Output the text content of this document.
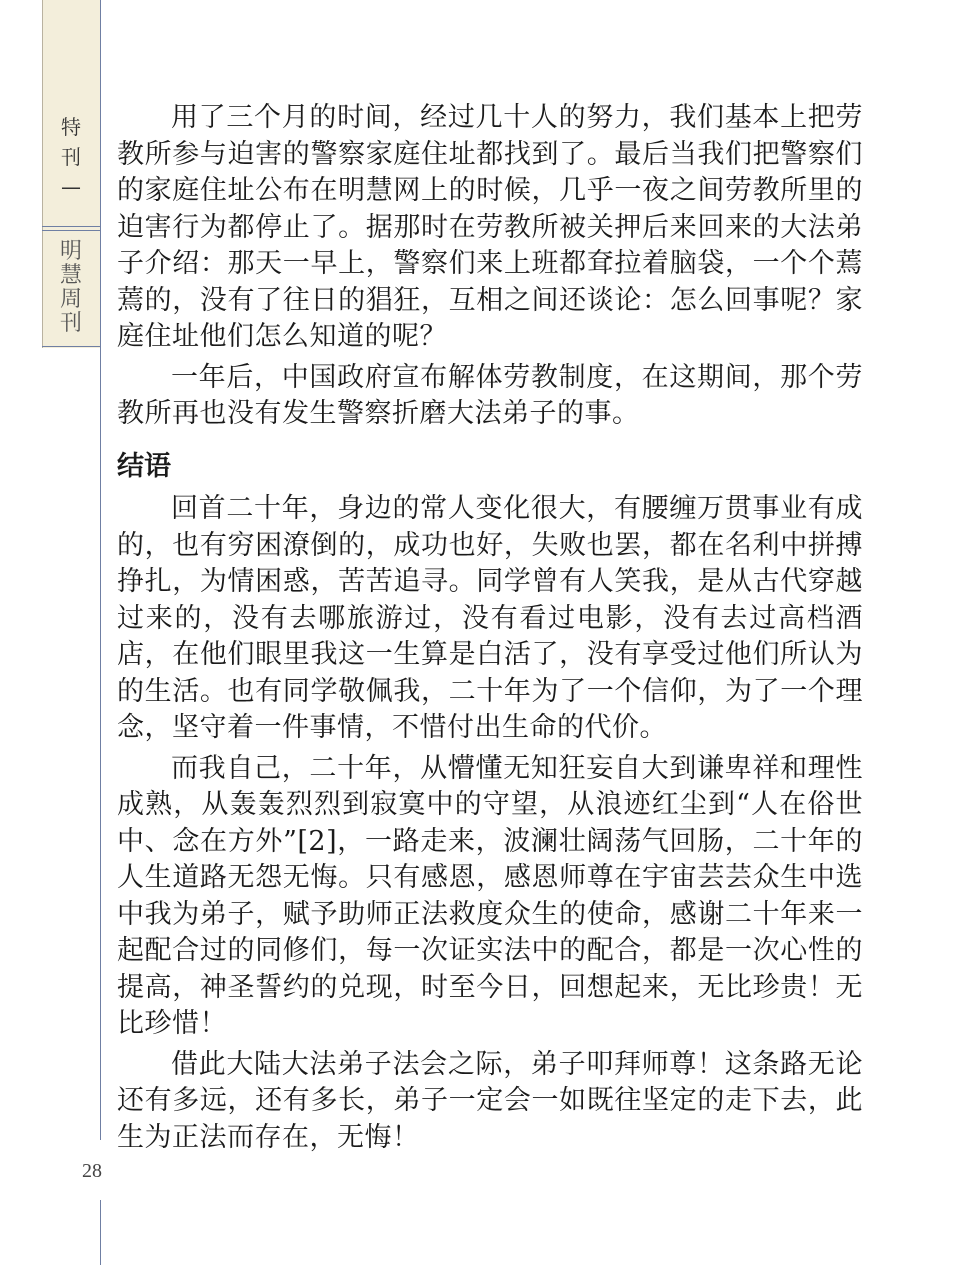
特
刊
—
明
慧
周
刊
28

用了三个月的时间，经过几十人的努力，我们基本上把劳教所参与迫害的警察家庭住址都找到了。最后当我们把警察们的家庭住址公布在明慧网上的时候，几乎一夜之间劳教所里的迫害行为都停止了。据那时在劳教所被关押后来回来的大法弟子介绍：那天一早上，警察们来上班都耷拉着脑袋，一个个蔫蔫的，没有了往日的猖狂，互相之间还谈论：怎么回事呢？家庭住址他们怎么知道的呢？

一年后，中国政府宣布解体劳教制度，在这期间，那个劳教所再也没有发生警察折磨大法弟子的事。

结语

回首二十年，身边的常人变化很大，有腰缠万贯事业有成的，也有穷困潦倒的，成功也好，失败也罢，都在名利中拼搏挣扎，为情困惑，苦苦追寻。同学曾有人笑我，是从古代穿越过来的，没有去哪旅游过，没有看过电影，没有去过高档酒店，在他们眼里我这一生算是白活了，没有享受过他们所认为的生活。也有同学敬佩我，二十年为了一个信仰，为了一个理念，坚守着一件事情，不惜付出生命的代价。

而我自己，二十年，从懵懂无知狂妄自大到谦卑祥和理性成熟，从轰轰烈烈到寂寞中的守望，从浪迹红尘到“人在俗世中、念在方外”[2]，一路走来，波澜壮阔荡气回肠，二十年的人生道路无怨无悔。只有感恩，感恩师尊在宇宙芸芸众生中选中我为弟子，赋予助师正法救度众生的使命，感谢二十年来一起配合过的同修们，每一次证实法中的配合，都是一次心性的提高，神圣誓约的兑现，时至今日，回想起来，无比珍贵！无比珍惜！

借此大陆大法弟子法会之际，弟子叩拜师尊！这条路无论还有多远，还有多长，弟子一定会一如既往坚定的走下去，此生为正法而存在，无悔！
